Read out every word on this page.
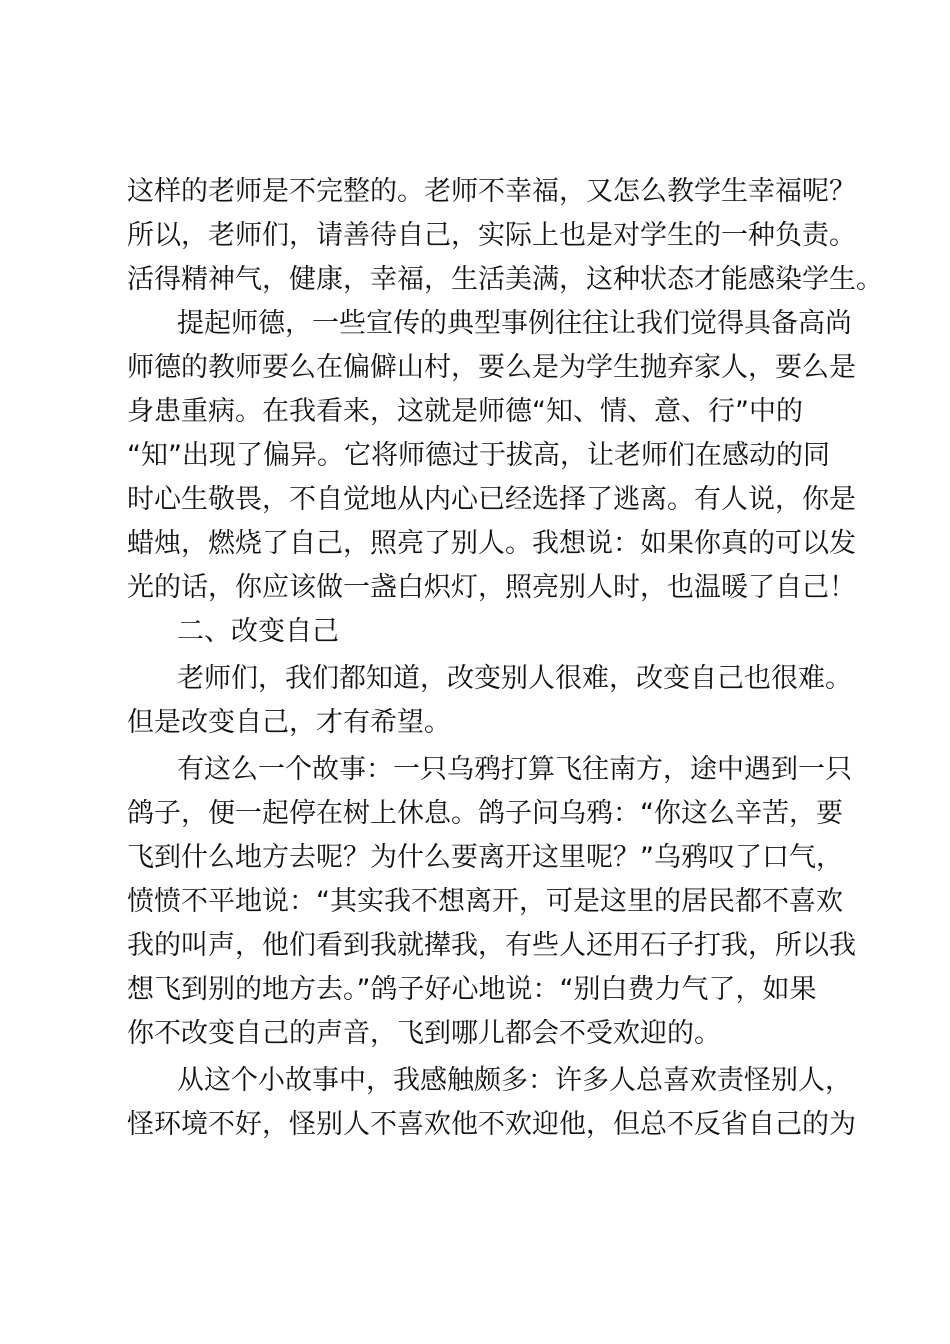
这样的老师是不完整的。老师不幸福，又怎么教学生幸福呢？
所以，老师们，请善待自己，实际上也是对学生的一种负责。
活得精神气，健康，幸福，生活美满，这种状态才能感染学生。
提起师德，一些宣传的典型事例往往让我们觉得具备高尚
师德的教师要么在偏僻山村，要么是为学生抛弃家人，要么是
身患重病。在我看来，这就是师德“知、情、意、行”中的
“知”出现了偏异。它将师德过于拔高，让老师们在感动的同
时心生敬畏，不自觉地从内心已经选择了逃离。有人说，你是
蜡烛，燃烧了自己，照亮了别人。我想说：如果你真的可以发
光的话，你应该做一盏白炽灯，照亮别人时，也温暖了自己！
二、改变自己
老师们，我们都知道，改变别人很难，改变自己也很难。
但是改变自己，才有希望。
有这么一个故事：一只乌鸦打算飞往南方，途中遇到一只
鸽子，便一起停在树上休息。鸽子问乌鸦：“你这么辛苦，要
飞到什么地方去呢？为什么要离开这里呢？”乌鸦叹了口气，
愤愤不平地说：“其实我不想离开，可是这里的居民都不喜欢
我的叫声，他们看到我就撵我，有些人还用石子打我，所以我
想飞到别的地方去。”鸽子好心地说：“别白费力气了，如果
你不改变自己的声音，飞到哪儿都会不受欢迎的。
从这个小故事中，我感触颇多：许多人总喜欢责怪别人，
怪环境不好，怪别人不喜欢他不欢迎他，但总不反省自己的为
